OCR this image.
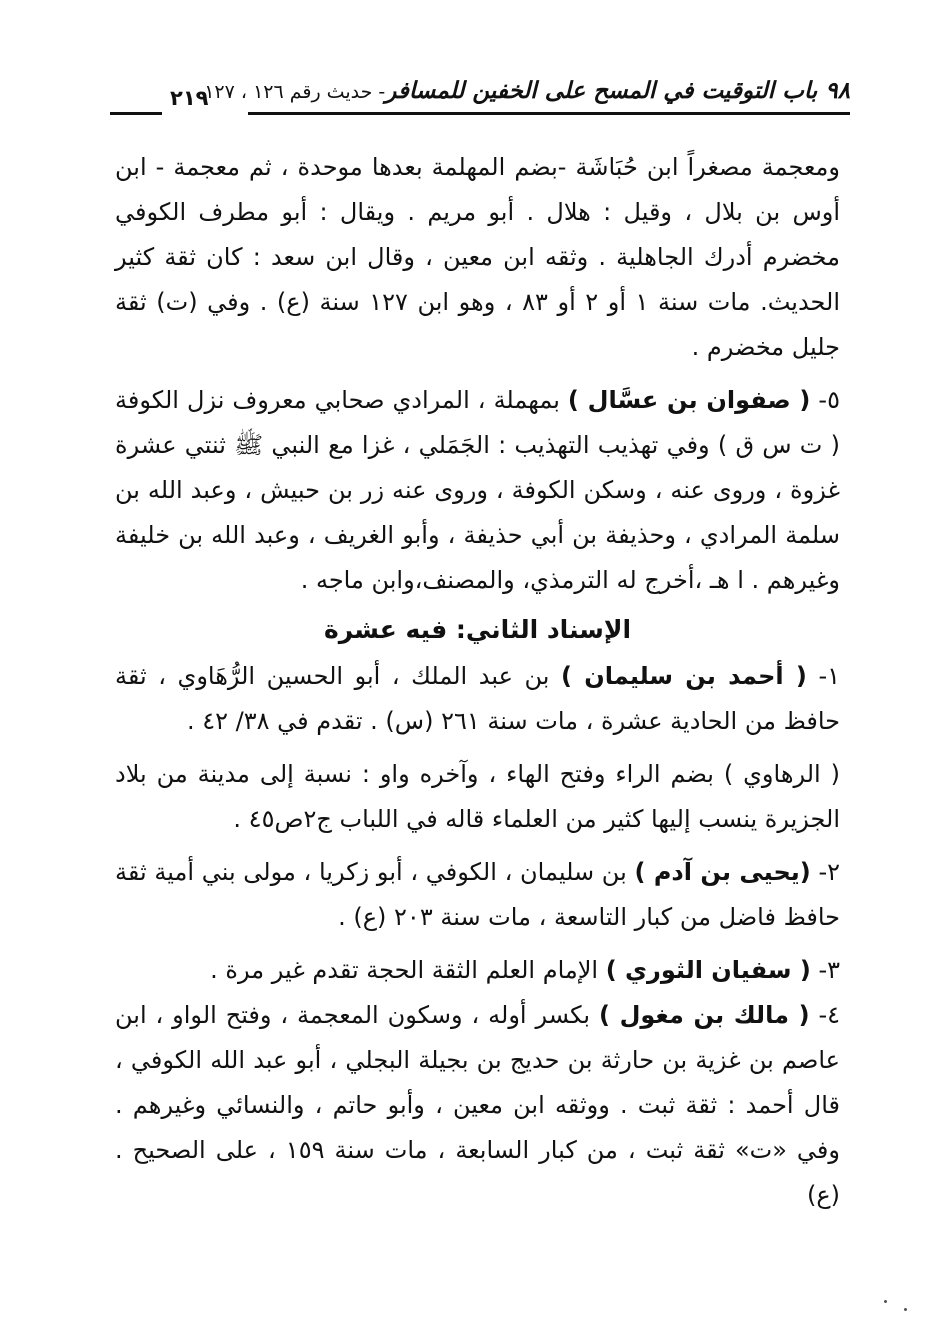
٩٨ باب التوقيت في المسح على الخفين للمسافر- حديث رقم ١٢٦ ، ١٢٧
٢١٩

ومعجمة مصغراً ابن حُبَاشَة -بضم المهلمة بعدها موحدة ، ثم معجمة - ابن أوس بن بلال ، وقيل : هلال . أبو مريم . ويقال : أبو مطرف الكوفي مخضرم أدرك الجاهلية . وثقه ابن معين ، وقال ابن سعد : كان ثقة كثير الحديث. مات سنة ١ أو ٢ أو ٨٣ ، وهو ابن ١٢٧ سنة (ع) . وفي (ت) ثقة جليل مخضرم .

٥- ( صفوان بن عسَّال ) بمهملة ، المرادي صحابي معروف نزل الكوفة ( ت س ق ) وفي تهذيب التهذيب : الجَمَلي ، غزا مع النبي ﷺ ثنتي عشرة غزوة ، وروى عنه ، وسكن الكوفة ، وروى عنه زر بن حبيش ، وعبد الله بن سلمة المرادي ، وحذيفة بن أبي حذيفة ، وأبو الغريف ، وعبد الله بن خليفة وغيرهم . ا هـ ،أخرج له الترمذي، والمصنف،وابن ماجه .

الإسناد الثاني: فيه عشرة

١- ( أحمد بن سليمان ) بن عبد الملك ، أبو الحسين الرُّهَاوي ، ثقة حافظ من الحادية عشرة ، مات سنة ٢٦١ (س) . تقدم في ٣٨/ ٤٢ .

( الرهاوي ) بضم الراء وفتح الهاء ، وآخره واو : نسبة إلى مدينة من بلاد الجزيرة ينسب إليها كثير من العلماء قاله في اللباب ج٢ص٤٥ .

٢- (يحيى بن آدم ) بن سليمان ، الكوفي ، أبو زكريا ، مولى بني أمية ثقة حافظ فاضل من كبار التاسعة ، مات سنة ٢٠٣ (ع) .

٣- ( سفيان الثوري ) الإمام العلم الثقة الحجة تقدم غير مرة .

٤- ( مالك بن مغول ) بكسر أوله ، وسكون المعجمة ، وفتح الواو ، ابن عاصم بن غزية بن حارثة بن حديج بن بجيلة البجلي ، أبو عبد الله الكوفي ، قال أحمد : ثقة ثبت . ووثقه ابن معين ، وأبو حاتم ، والنسائي وغيرهم . وفي «ت» ثقة ثبت ، من كبار السابعة ، مات سنة ١٥٩ ، على الصحيح . (ع)
